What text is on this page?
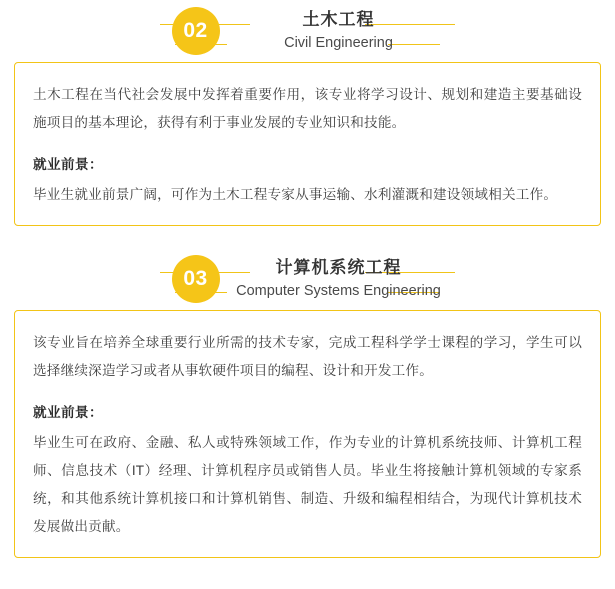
02	土木工程
Civil Engineering

土木工程在当代社会发展中发挥着重要作用，该专业将学习设计、规划和建造主要基础设施项目的基本理论，获得有利于事业发展的专业知识和技能。

就业前景：

毕业生就业前景广阔，可作为土木工程专家从事运输、水利灌溉和建设领域相关工作。

03	计算机系统工程
Computer Systems Engineering

该专业旨在培养全球重要行业所需的技术专家，完成工程科学学士课程的学习，学生可以选择继续深造学习或者从事软硬件项目的编程、设计和开发工作。

就业前景：

毕业生可在政府、金融、私人或特殊领域工作，作为专业的计算机系统技师、计算机工程师、信息技术（IT）经理、计算机程序员或销售人员。毕业生将接触计算机领域的专家系统，和其他系统计算机接口和计算机销售、制造、升级和编程相结合，为现代计算机技术发展做出贡献。
